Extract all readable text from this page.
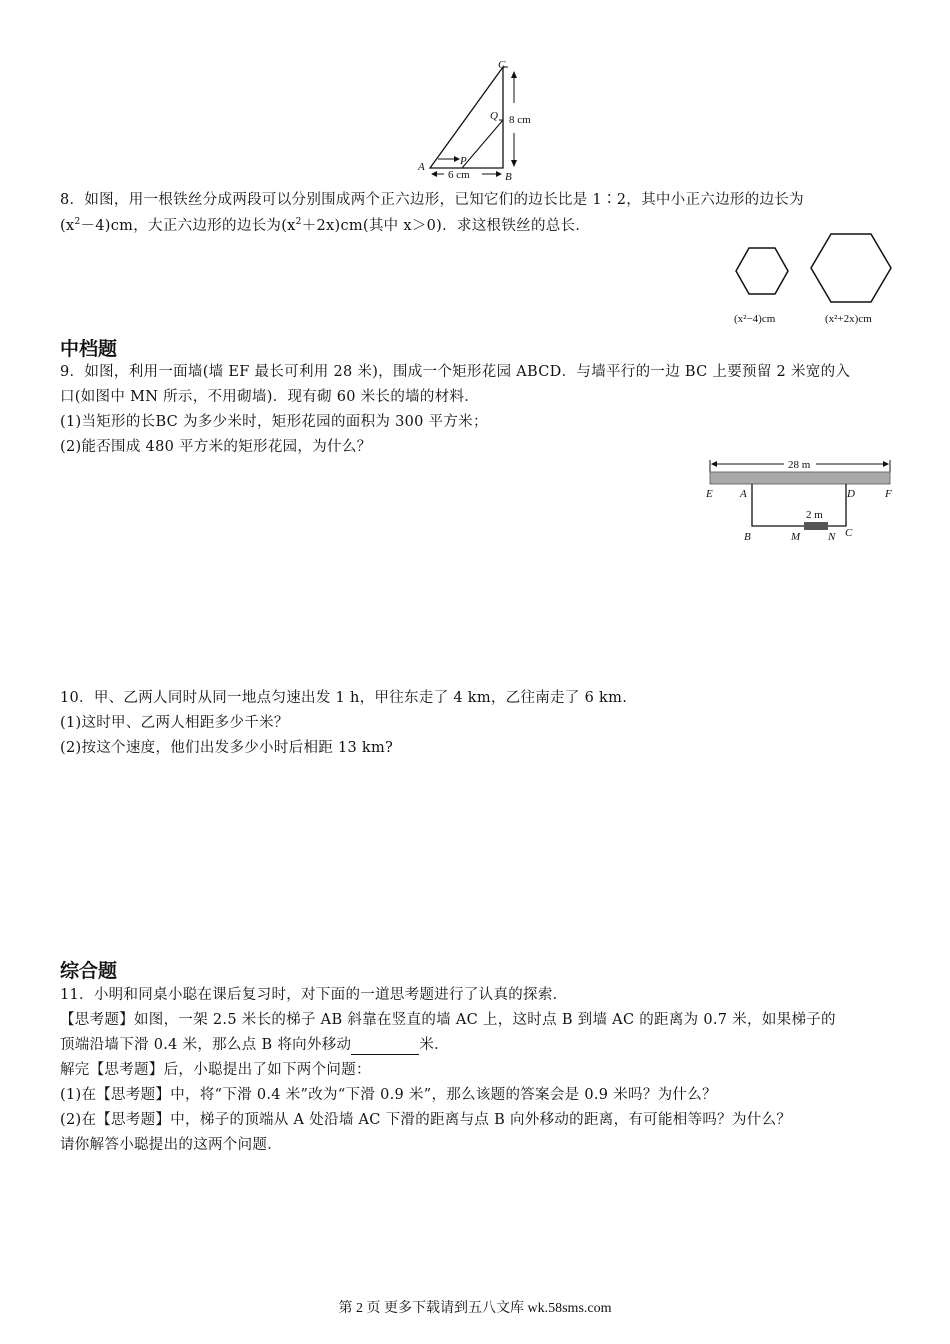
C
Q 8 cm
A	P
6 cm	B
8．如图，用一根铁丝分成两段可以分别围成两个正六边形，已知它们的边长比是 1∶2，其中小正六边形的边长为
$(x^2-4)cm$，大正六边形的边长为$(x^2+2x)cm$(其中 x＞0)．求这根铁丝的总长．
(x²−4)cm	(x²+2x)cm
中档题
9．如图，利用一面墙(墙 EF 最长可利用 28 米)，围成一个矩形花园 ABCD．与墙平行的一边 BC 上要预留 2 米宽的入
口(如图中 MN 所示，不用砌墙)．现有砌 60 米长的墙的材料．
(1)当矩形的长BC 为多少米时，矩形花园的面积为 300 平方米；
(2)能否围成 480 平方米的矩形花园，为什么？
28 m
2 m
E A	D	F
B	M	N C
10．甲、乙两人同时从同一地点匀速出发 1 h，甲往东走了 4 km，乙往南走了 6 km.
(1)这时甲、乙两人相距多少千米？
(2)按这个速度，他们出发多少小时后相距 13 km?
综合题
11．小明和同桌小聪在课后复习时，对下面的一道思考题进行了认真的探索．
【思考题】如图，一架 2.5 米长的梯子 AB 斜靠在竖直的墙 AC 上，这时点 B 到墙 AC 的距离为 0.7 米，如果梯子的
顶端沿墙下滑 0.4 米，那么点 B 将向外移动	米．
解完【思考题】后，小聪提出了如下两个问题：
(1)在【思考题】中，将“下滑 0.4 米”改为“下滑 0.9 米”，那么该题的答案会是 0.9 米吗？为什么？
(2)在【思考题】中，梯子的顶端从 A 处沿墙 AC 下滑的距离与点 B 向外移动的距离，有可能相等吗？为什么？
请你解答小聪提出的这两个问题．
第 2 页 更多下载请到五八文库 wk.58sms.com
